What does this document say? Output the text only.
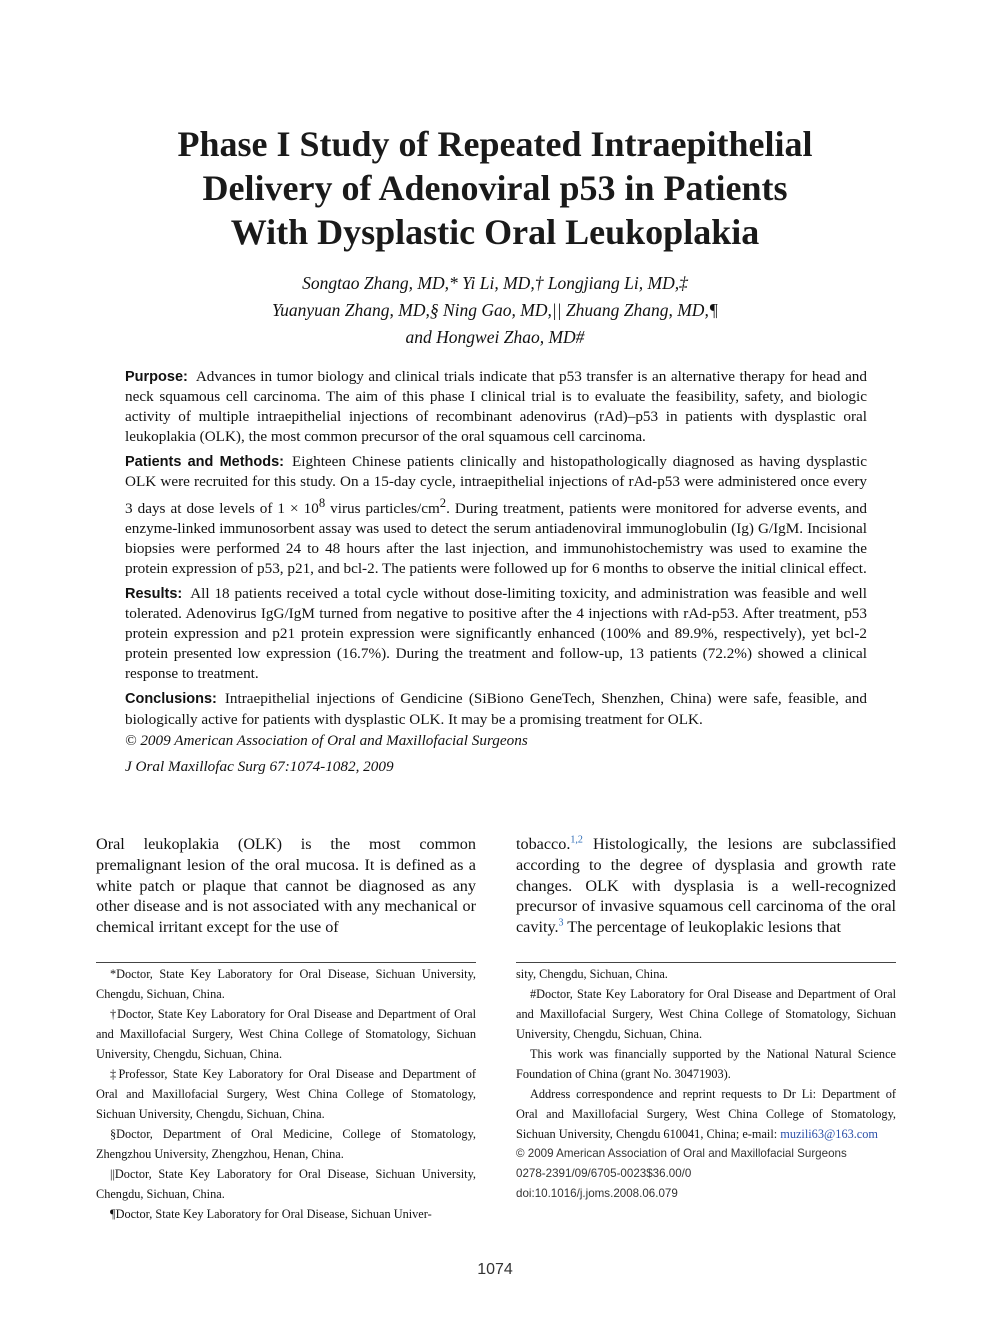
Phase I Study of Repeated Intraepithelial
Delivery of Adenoviral p53 in Patients
With Dysplastic Oral Leukoplakia
Songtao Zhang, MD,* Yi Li, MD,† Longjiang Li, MD,‡
Yuanyuan Zhang, MD,§ Ning Gao, MD,|| Zhuang Zhang, MD,¶
and Hongwei Zhao, MD#

Purpose: Advances in tumor biology and clinical trials indicate that p53 transfer is an alternative therapy for head and neck squamous cell carcinoma. The aim of this phase I clinical trial is to evaluate the feasibility, safety, and biologic activity of multiple intraepithelial injections of recombinant adenovirus (rAd)–p53 in patients with dysplastic oral leukoplakia (OLK), the most common precursor of the oral squamous cell carcinoma.

Patients and Methods: Eighteen Chinese patients clinically and histopathologically diagnosed as having dysplastic OLK were recruited for this study. On a 15-day cycle, intraepithelial injections of rAd-p53 were administered once every 3 days at dose levels of $1 \times 10^8$ virus particles/$cm^2$. During treatment, patients were monitored for adverse events, and enzyme-linked immunosorbent assay was used to detect the serum antiadenoviral immunoglobulin (Ig) G/IgM. Incisional biopsies were performed 24 to 48 hours after the last injection, and immunohistochemistry was used to examine the protein expression of p53, p21, and bcl-2. The patients were followed up for 6 months to observe the initial clinical effect.

Results: All 18 patients received a total cycle without dose-limiting toxicity, and administration was feasible and well tolerated. Adenovirus IgG/IgM turned from negative to positive after the 4 injections with rAd-p53. After treatment, p53 protein expression and p21 protein expression were significantly enhanced (100% and 89.9%, respectively), yet bcl-2 protein presented low expression (16.7%). During the treatment and follow-up, 13 patients (72.2%) showed a clinical response to treatment.

Conclusions: Intraepithelial injections of Gendicine (SiBiono GeneTech, Shenzhen, China) were safe, feasible, and biologically active for patients with dysplastic OLK. It may be a promising treatment for OLK.

© 2009 American Association of Oral and Maxillofacial Surgeons

J Oral Maxillofac Surg 67:1074-1082, 2009

Oral leukoplakia (OLK) is the most common premalignant lesion of the oral mucosa. It is defined as a white patch or plaque that cannot be diagnosed as any other disease and is not associated with any mechanical or chemical irritant except for the use of
tobacco.$^{1,2}$ Histologically, the lesions are subclassified according to the degree of dysplasia and growth rate changes. OLK with dysplasia is a well-recognized precursor of invasive squamous cell carcinoma of the oral cavity.$^3$ The percentage of leukoplakic lesions that

*Doctor, State Key Laboratory for Oral Disease, Sichuan University, Chengdu, Sichuan, China.

†Doctor, State Key Laboratory for Oral Disease and Department of Oral and Maxillofacial Surgery, West China College of Stomatology, Sichuan University, Chengdu, Sichuan, China.

‡Professor, State Key Laboratory for Oral Disease and Department of Oral and Maxillofacial Surgery, West China College of Stomatology, Sichuan University, Chengdu, Sichuan, China.

§Doctor, Department of Oral Medicine, College of Stomatology, Zhengzhou University, Zhengzhou, Henan, China.

||Doctor, State Key Laboratory for Oral Disease, Sichuan University, Chengdu, Sichuan, China.

¶Doctor, State Key Laboratory for Oral Disease, Sichuan Univer-

sity, Chengdu, Sichuan, China.

#Doctor, State Key Laboratory for Oral Disease and Department of Oral and Maxillofacial Surgery, West China College of Stomatology, Sichuan University, Chengdu, Sichuan, China.

This work was financially supported by the National Natural Science Foundation of China (grant No. 30471903).

Address correspondence and reprint requests to Dr Li: Department of Oral and Maxillofacial Surgery, West China College of Stomatology, Sichuan University, Chengdu 610041, China; e-mail: muzili63@163.com

© 2009 American Association of Oral and Maxillofacial Surgeons

0278-2391/09/6705-0023$36.00/0

doi:10.1016/j.joms.2008.06.079

1074
